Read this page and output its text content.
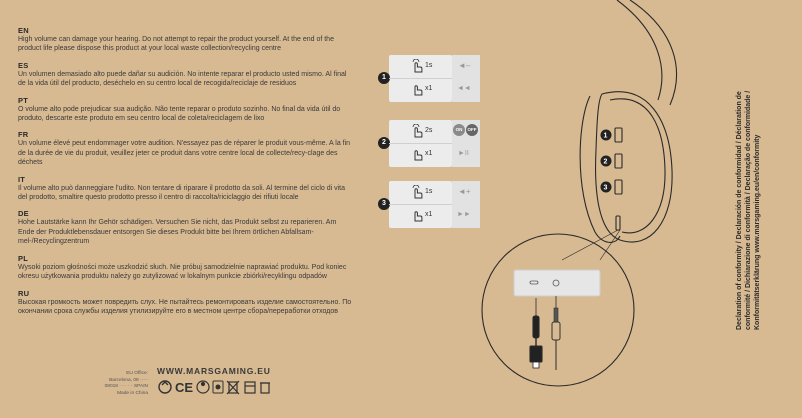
EN
High volume can damage your hearing. Do not attempt to repair the product yourself. At the end of the product life please dispose this product at your local waste collection/recycling centre
ES
Un volumen demasiado alto puede dañar su audición. No intente reparar el producto usted mismo. Al final de la vida útil del producto, deséchelo en su centro local de recogida/reciclaje de residuos
PT
O volume alto pode prejudicar sua audição. Não tente reparar o produto sozinho. No final da vida útil do produto, descarte este produto em seu centro local de coleta/reciclagem de lixo
FR
Un volume élevé peut endommager votre audition. N'essayez pas de réparer le produit vous-même. A la fin de la durée de vie du produit, veuillez jeter ce produit dans votre centre local de collecte/recy-clage des déchets
IT
Il volume alto può danneggiare l'udito. Non tentare di riparare il prodotto da soli. Al termine del ciclo di vita del prodotto, smaltire questo prodotto presso il centro di raccolta/riciclaggio dei rifiuti locale
DE
Hohe Lautstärke kann Ihr Gehör schädigen. Versuchen Sie nicht, das Produkt selbst zu reparieren. Am Ende der Produktlebensdauer entsorgen Sie dieses Produkt bitte bei Ihrem örtlichen Abfallsam-mel-/Recyclingzentrum
PL
Wysoki poziom głośności może uszkodzić słuch. Nie próbuj samodzielnie naprawiać produktu. Pod koniec okresu użytkowania produktu należy go zutylizować w lokalnym punkcie zbiórki/recyklingu odpadów
RU
Высокая громкость может повредить слух. Не пытайтесь ремонтировать изделие самостоятельно. По окончании срока службы изделия утилизируйте его в местном центре сбора/переработки отходов
EU Office:
Barcelona, 08 ·····
08018 · · · · · SPAIN
Made in China
WWW.MARSGAMING.EU
CE
1
1s
x1
◄–
◄◄
2
2s
x1
ON	OFF
►II
3
1s
x1
◄+
►►
1
2
3	Declaration of conformity / Declaración de conformidad / Déclaration de conformité / Dichiarazione di conformità / Declaração de conformidade / Konformitätserklärung www.marsgaming.eu/en/conformity
